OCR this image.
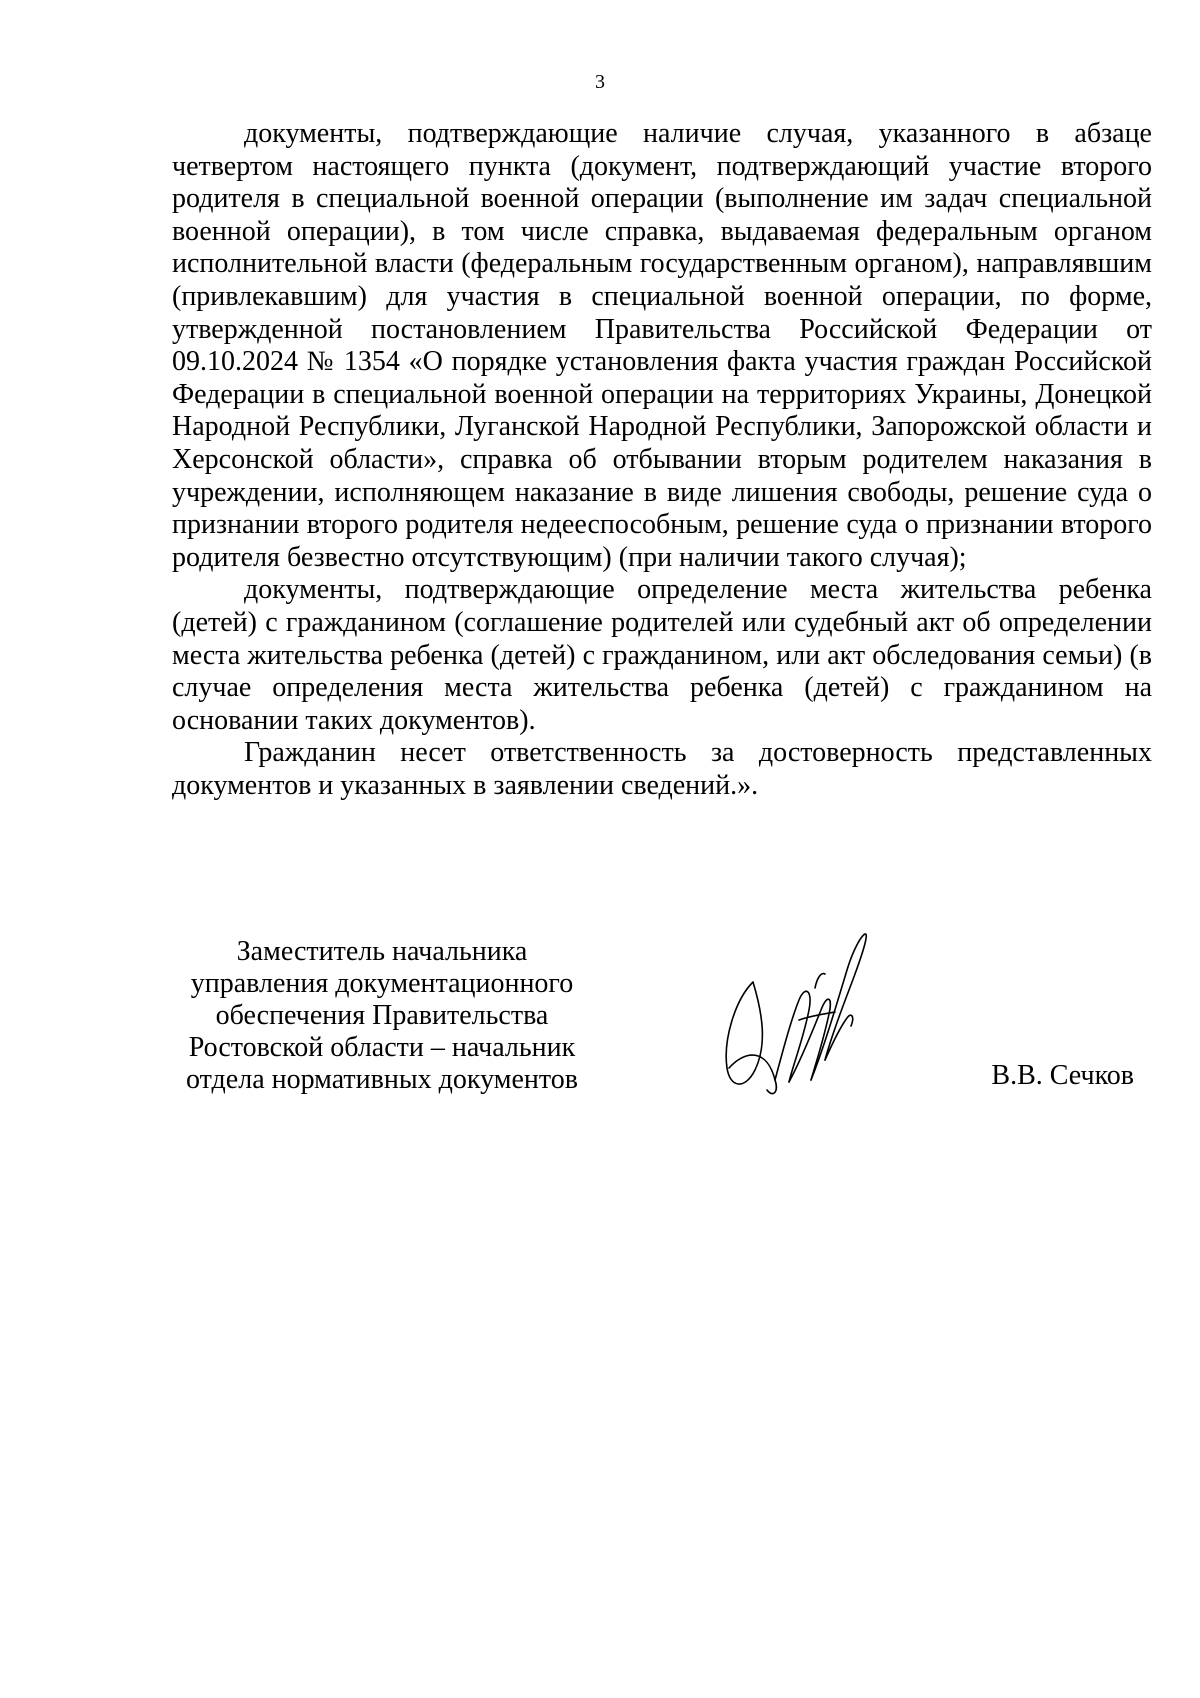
3

документы, подтверждающие наличие случая, указанного в абзаце четвертом настоящего пункта (документ, подтверждающий участие второго родителя в специальной военной операции (выполнение им задач специальной военной операции), в том числе справка, выдаваемая федеральным органом исполнительной власти (федеральным государственным органом), направлявшим (привлекавшим) для участия в специальной военной операции, по форме, утвержденной постановлением Правительства Российской Федерации от 09.10.2024 № 1354 «О порядке установления факта участия граждан Российской Федерации в специальной военной операции на территориях Украины, Донецкой Народной Республики, Луганской Народной Республики, Запорожской области и Херсонской области», справка об отбывании вторым родителем наказания в учреждении, исполняющем наказание в виде лишения свободы, решение суда о признании второго родителя недееспособным, решение суда о признании второго родителя безвестно отсутствующим) (при наличии такого случая);

документы, подтверждающие определение места жительства ребенка (детей) с гражданином (соглашение родителей или судебный акт об определении места жительства ребенка (детей) с гражданином, или акт обследования семьи) (в случае определения места жительства ребенка (детей) с гражданином на основании таких документов).

Гражданин несет ответственность за достоверность представленных документов и указанных в заявлении сведений.».

Заместитель начальника
управления документационного
обеспечения Правительства
Ростовской области – начальник
отдела нормативных документов	В.В. Сечков
